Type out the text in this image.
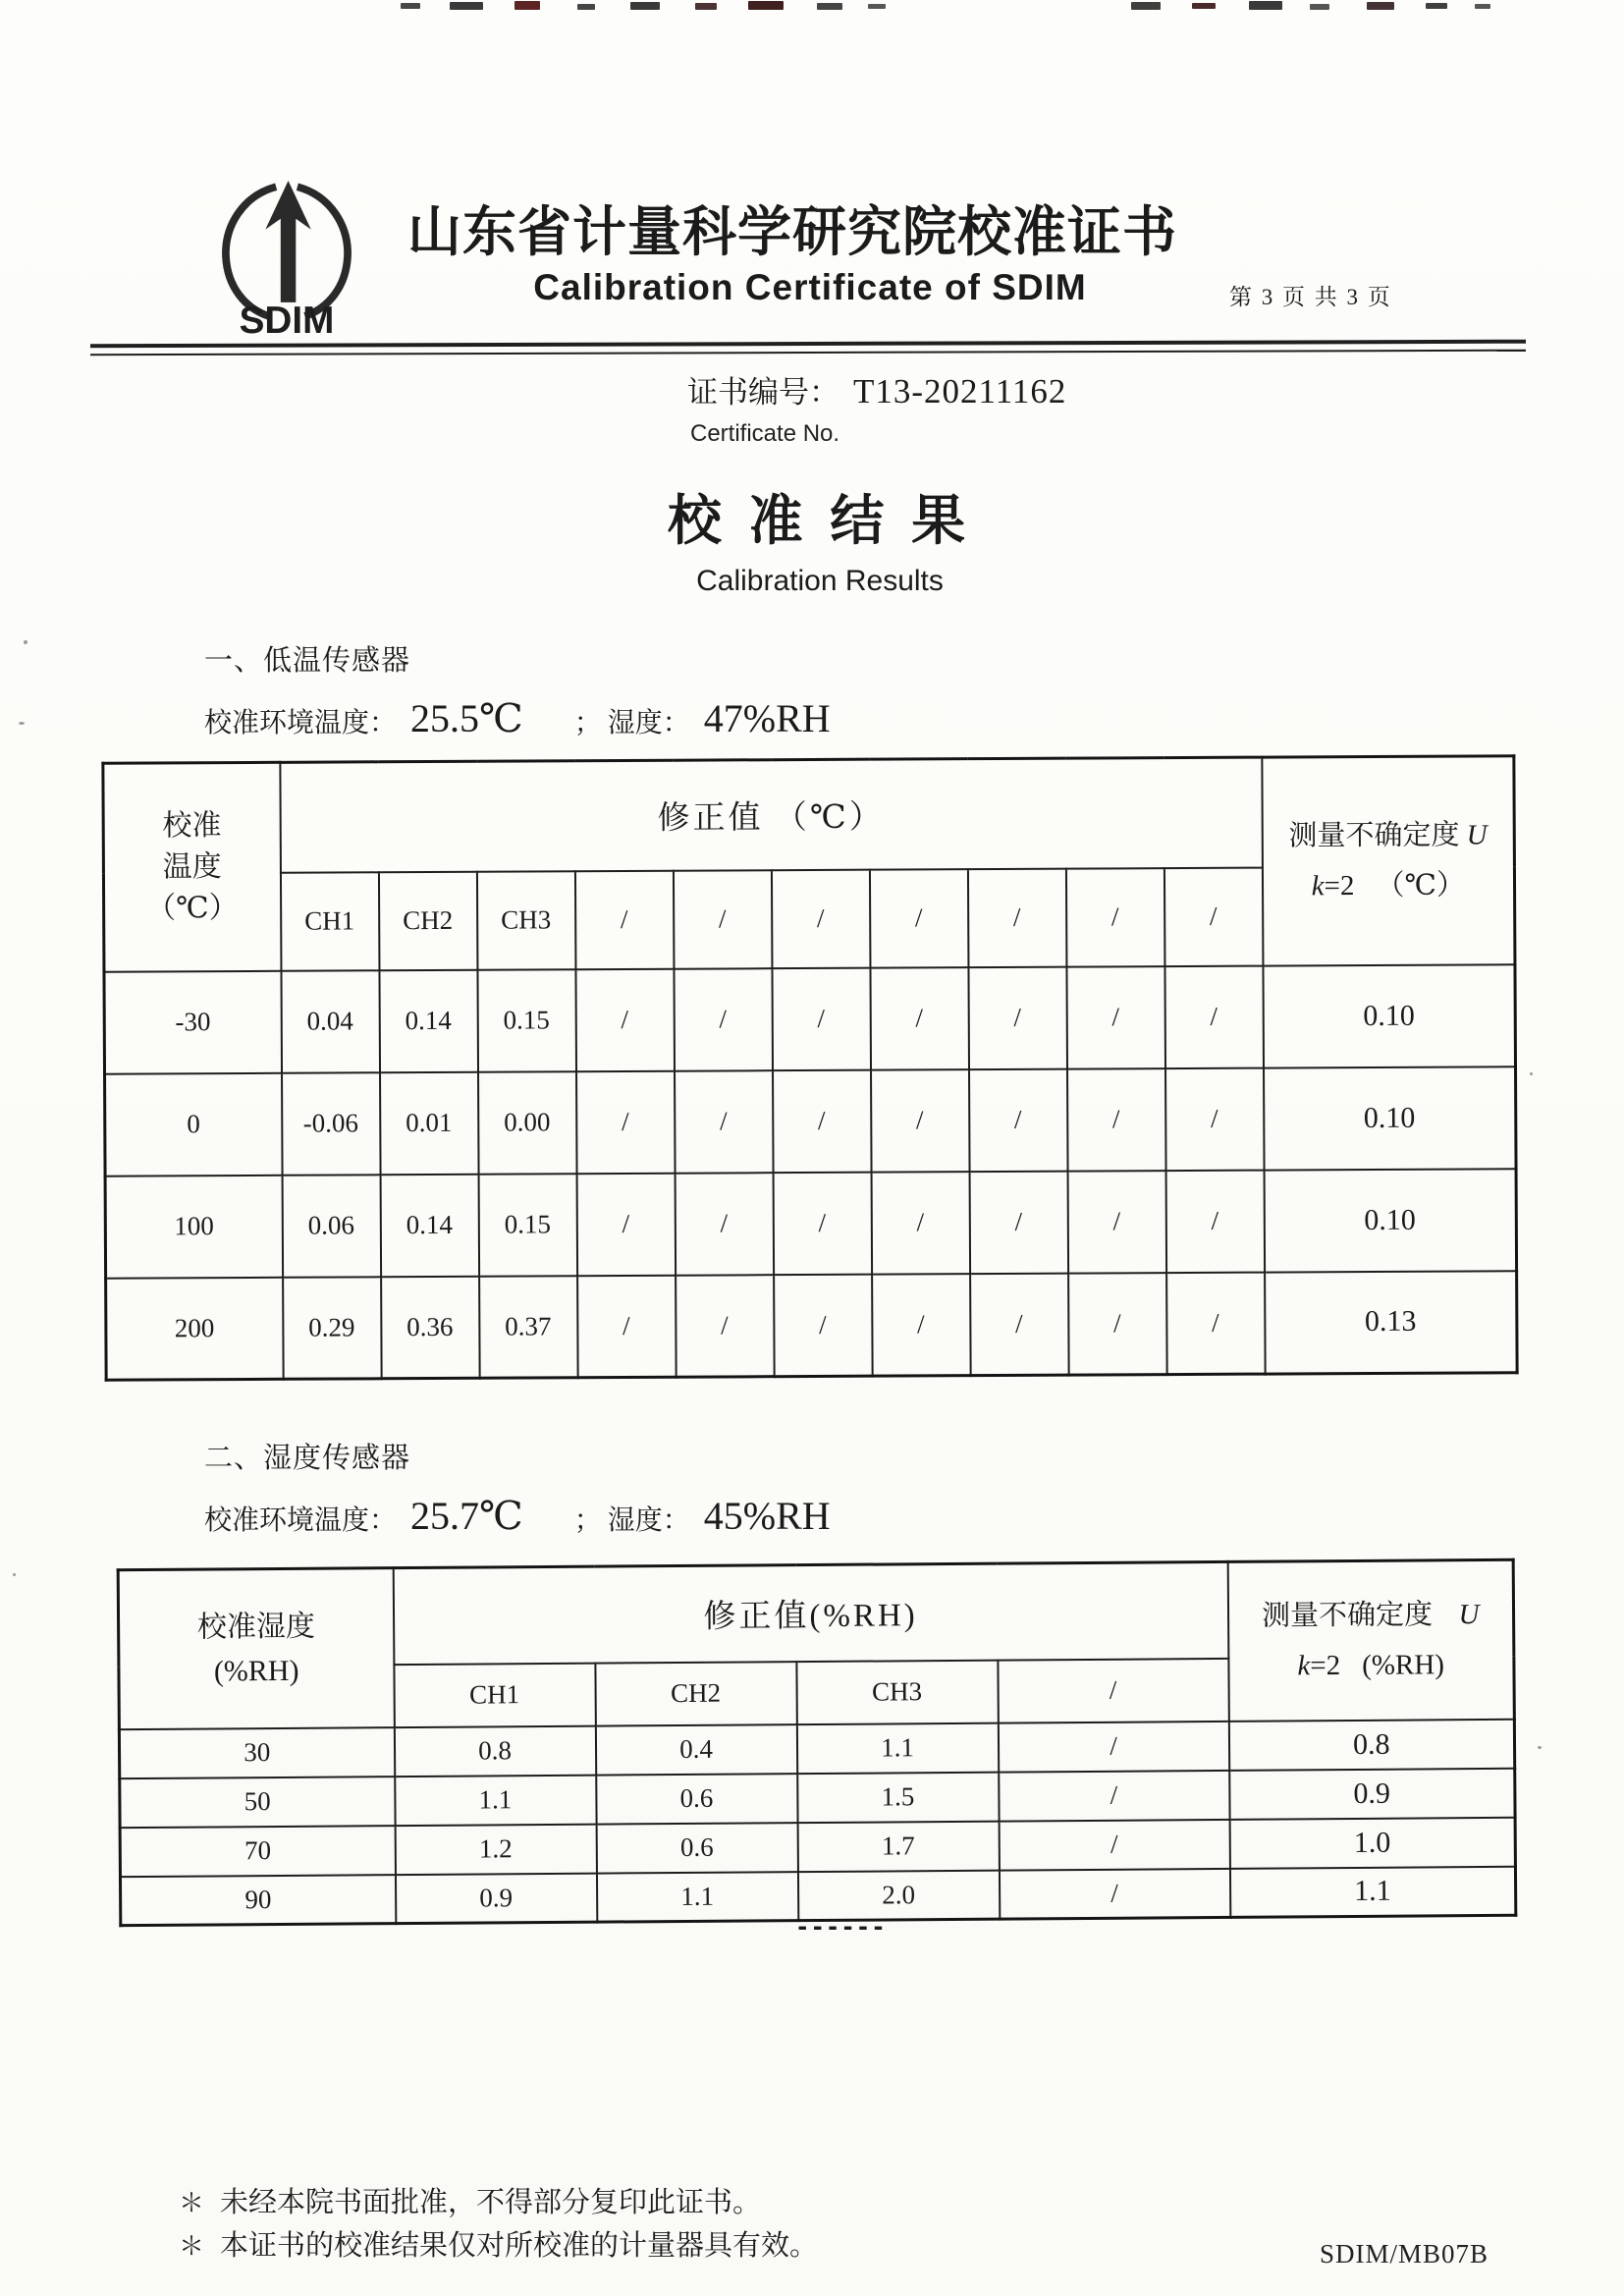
SDIM
山东省计量科学研究院校准证书
Calibration Certificate of SDIM	第 3 页 共 3 页
证书编号： T13-20211162
Certificate No.
校 准 结 果
Calibration Results
一、低温传感器
校准环境温度： 25.5℃ ； 湿度： 47%RH
校准
温度
（℃）
	修正值 （℃）	测量不确定度 U
k=2 （℃）

	CH1	CH2	CH3	/	/	/	/	/	/	/	
-30	0.04	0.14	0.15	/	/	/	/	/	/	/	0.10
0	-0.06	0.01	0.00	/	/	/	/	/	/	/	0.10
100	0.06	0.14	0.15	/	/	/	/	/	/	/	0.10
200	0.29	0.36	0.37	/	/	/	/	/	/	/	0.13
二、湿度传感器
校准环境温度： 25.7℃ ； 湿度： 45%RH
校准湿度
(%RH)
	修正值(%RH)	测量不确定度 U
k=2 (%RH)

	CH1	CH2	CH3	/	
30	0.8	0.4	1.1	/	0.8
50	1.1	0.6	1.5	/	0.9
70	1.2	0.6	1.7	/	1.0
90	0.9	1.1	2.0	/	1.1
------
＊ 未经本院书面批准，不得部分复印此证书。
＊ 本证书的校准结果仅对所校准的计量器具有效。	SDIM/MB07B
